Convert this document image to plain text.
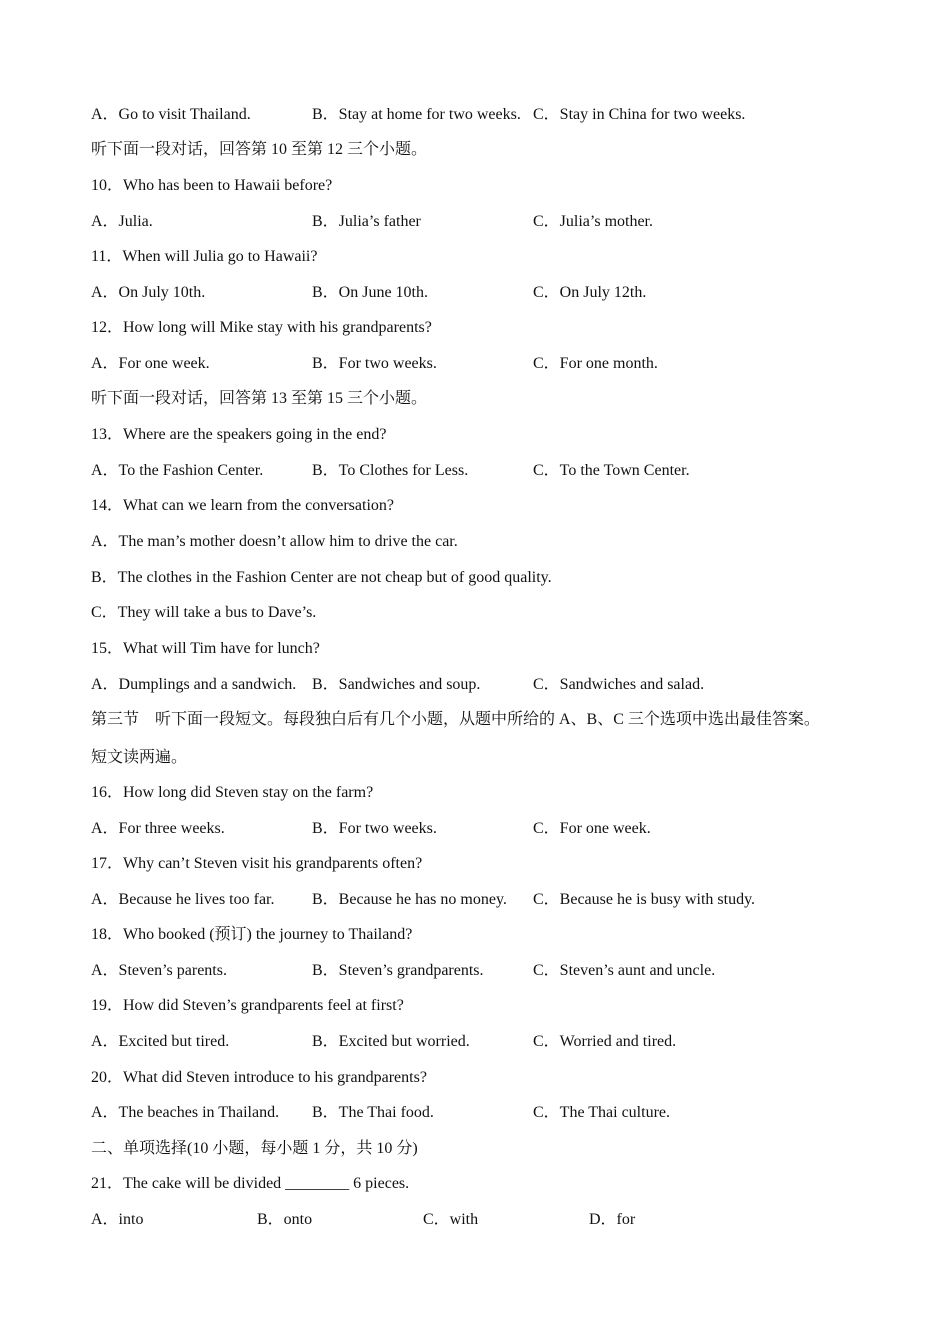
A．Go to visit Thailand.	B．Stay at home for two weeks. C．Stay in China for two weeks.
听下面一段对话，回答第 10 至第 12 三个小题。
10．Who has been to Hawaii before?
A．Julia.	B．Julia’s father	C．Julia’s mother.
11．When will Julia go to Hawaii?
A．On July 10th.	B．On June 10th.	C．On July 12th.
12．How long will Mike stay with his grandparents?
A．For one week.	B．For two weeks.	C．For one month.
听下面一段对话，回答第 13 至第 15 三个小题。
13．Where are the speakers going in the end?
A．To the Fashion Center.	B．To Clothes for Less.	C．To the Town Center.
14．What can we learn from the conversation?
A．The man’s mother doesn’t allow him to drive the car.
B．The clothes in the Fashion Center are not cheap but of good quality.
C．They will take a bus to Dave’s.
15．What will Tim have for lunch?
A．Dumplings and a sandwich. B．Sandwiches and soup.	C．Sandwiches and salad.
第三节　听下面一段短文。每段独白后有几个小题，从题中所给的 A、B、C 三个选项中选出最佳答案。
短文读两遍。
16．How long did Steven stay on the farm?
A．For three weeks.	B．For two weeks.	C．For one week.
17．Why can’t Steven visit his grandparents often?
A．Because he lives too far. B．Because he has no money. C．Because he is busy with study.
18．Who booked (预订) the journey to Thailand?
A．Steven’s parents.	B．Steven’s grandparents.	C．Steven’s aunt and uncle.
19．How did Steven’s grandparents feel at first?
A．Excited but tired.	B．Excited but worried.	C．Worried and tired.
20．What did Steven introduce to his grandparents?
A．The beaches in Thailand. B．The Thai food.	C．The Thai culture.
二、单项选择(10 小题，每小题 1 分，共 10 分)
21．The cake will be divided ________ 6 pieces.
A．into	B．onto	C．with	D．for
